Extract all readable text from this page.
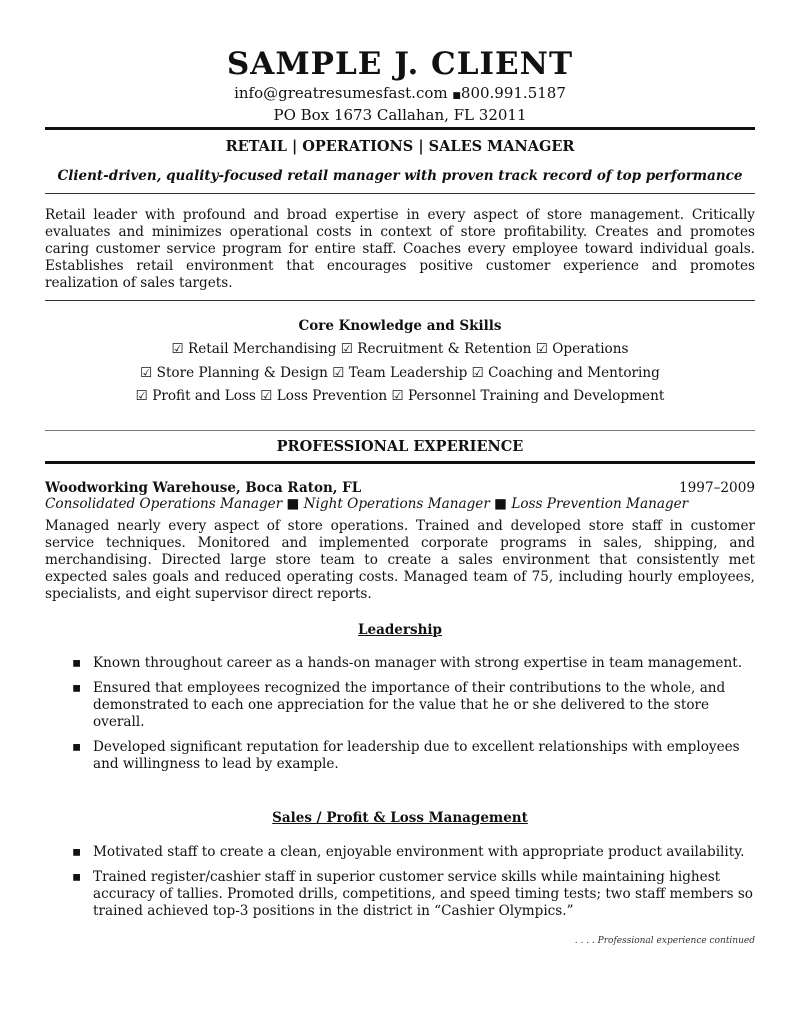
SAMPLE J. CLIENT
info@greatresumesfast.com ■800.991.5187
PO Box 1673 Callahan, FL 32011
RETAIL | OPERATIONS | SALES MANAGER
Client-driven, quality-focused retail manager with proven track record of top performance
Retail leader with profound and broad expertise in every aspect of store management. Critically evaluates and minimizes operational costs in context of store profitability. Creates and promotes caring customer service program for entire staff. Coaches every employee toward individual goals. Establishes retail environment that encourages positive customer experience and promotes realization of sales targets.
Core Knowledge and Skills
☑ Retail Merchandising ☑ Recruitment & Retention ☑ Operations
☑ Store Planning & Design ☑ Team Leadership ☑ Coaching and Mentoring
☑ Profit and Loss ☑ Loss Prevention ☑ Personnel Training and Development
PROFESSIONAL EXPERIENCE
Woodworking Warehouse, Boca Raton, FL	1997–2009
Consolidated Operations Manager ■ Night Operations Manager ■ Loss Prevention Manager
Managed nearly every aspect of store operations. Trained and developed store staff in customer service techniques. Monitored and implemented corporate programs in sales, shipping, and merchandising. Directed large store team to create a sales environment that consistently met expected sales goals and reduced operating costs. Managed team of 75, including hourly employees, specialists, and eight supervisor direct reports.
Leadership
▪ Known throughout career as a hands-on manager with strong expertise in team management.
▪ Ensured that employees recognized the importance of their contributions to the whole, and demonstrated to each one appreciation for the value that he or she delivered to the store overall.
▪ Developed significant reputation for leadership due to excellent relationships with employees and willingness to lead by example.
Sales / Profit & Loss Management
▪ Motivated staff to create a clean, enjoyable environment with appropriate product availability.
▪ Trained register/cashier staff in superior customer service skills while maintaining highest accuracy of tallies. Promoted drills, competitions, and speed timing tests; two staff members so trained achieved top-3 positions in the district in “Cashier Olympics.”
. . . . Professional experience continued
